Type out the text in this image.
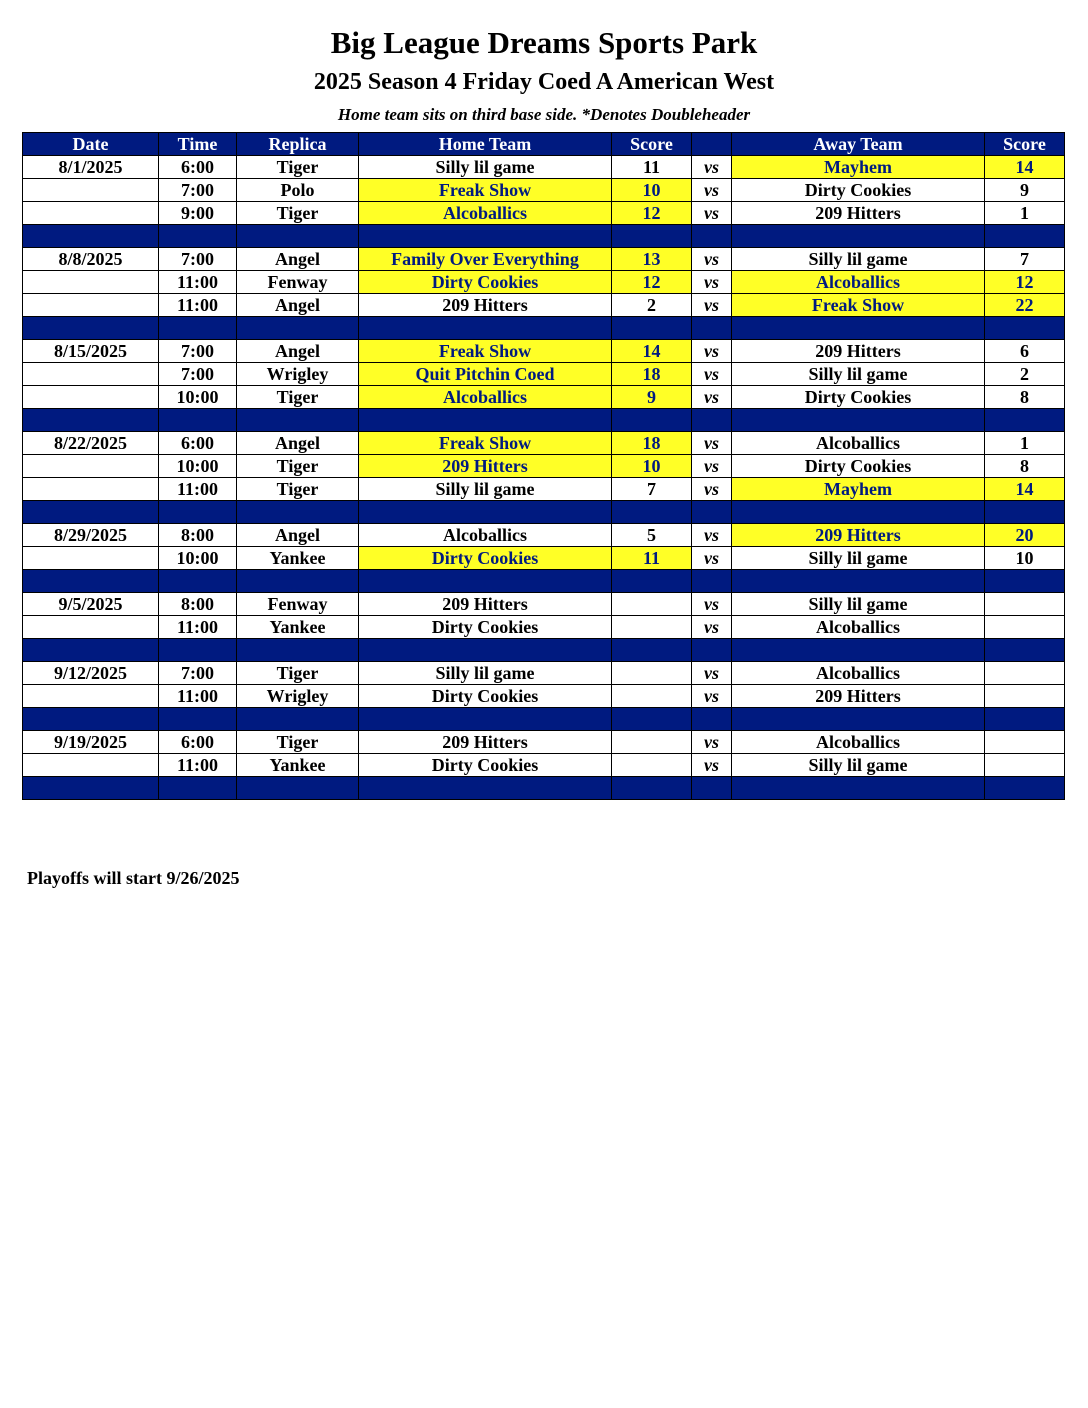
Big League Dreams Sports Park
2025 Season 4 Friday Coed A American West
Home team sits on third base side. *Denotes Doubleheader
Date	Time	Replica	Home Team	Score		Away Team	Score
8/1/2025	6:00	Tiger	Silly lil game	11	vs	Mayhem	14
	7:00	Polo	Freak Show	10	vs	Dirty Cookies	9
	9:00	Tiger	Alcoballics	12	vs	209 Hitters	1

8/8/2025	7:00	Angel	Family Over Everything	13	vs	Silly lil game	7
	11:00	Fenway	Dirty Cookies	12	vs	Alcoballics	12
	11:00	Angel	209 Hitters	2	vs	Freak Show	22

8/15/2025	7:00	Angel	Freak Show	14	vs	209 Hitters	6
	7:00	Wrigley	Quit Pitchin Coed	18	vs	Silly lil game	2
	10:00	Tiger	Alcoballics	9	vs	Dirty Cookies	8

8/22/2025	6:00	Angel	Freak Show	18	vs	Alcoballics	1
	10:00	Tiger	209 Hitters	10	vs	Dirty Cookies	8
	11:00	Tiger	Silly lil game	7	vs	Mayhem	14

8/29/2025	8:00	Angel	Alcoballics	5	vs	209 Hitters	20
	10:00	Yankee	Dirty Cookies	11	vs	Silly lil game	10

9/5/2025	8:00	Fenway	209 Hitters		vs	Silly lil game	
	11:00	Yankee	Dirty Cookies		vs	Alcoballics	

9/12/2025	7:00	Tiger	Silly lil game		vs	Alcoballics	
	11:00	Wrigley	Dirty Cookies		vs	209 Hitters	

9/19/2025	6:00	Tiger	209 Hitters		vs	Alcoballics	
	11:00	Yankee	Dirty Cookies		vs	Silly lil game	

Playoffs will start 9/26/2025
